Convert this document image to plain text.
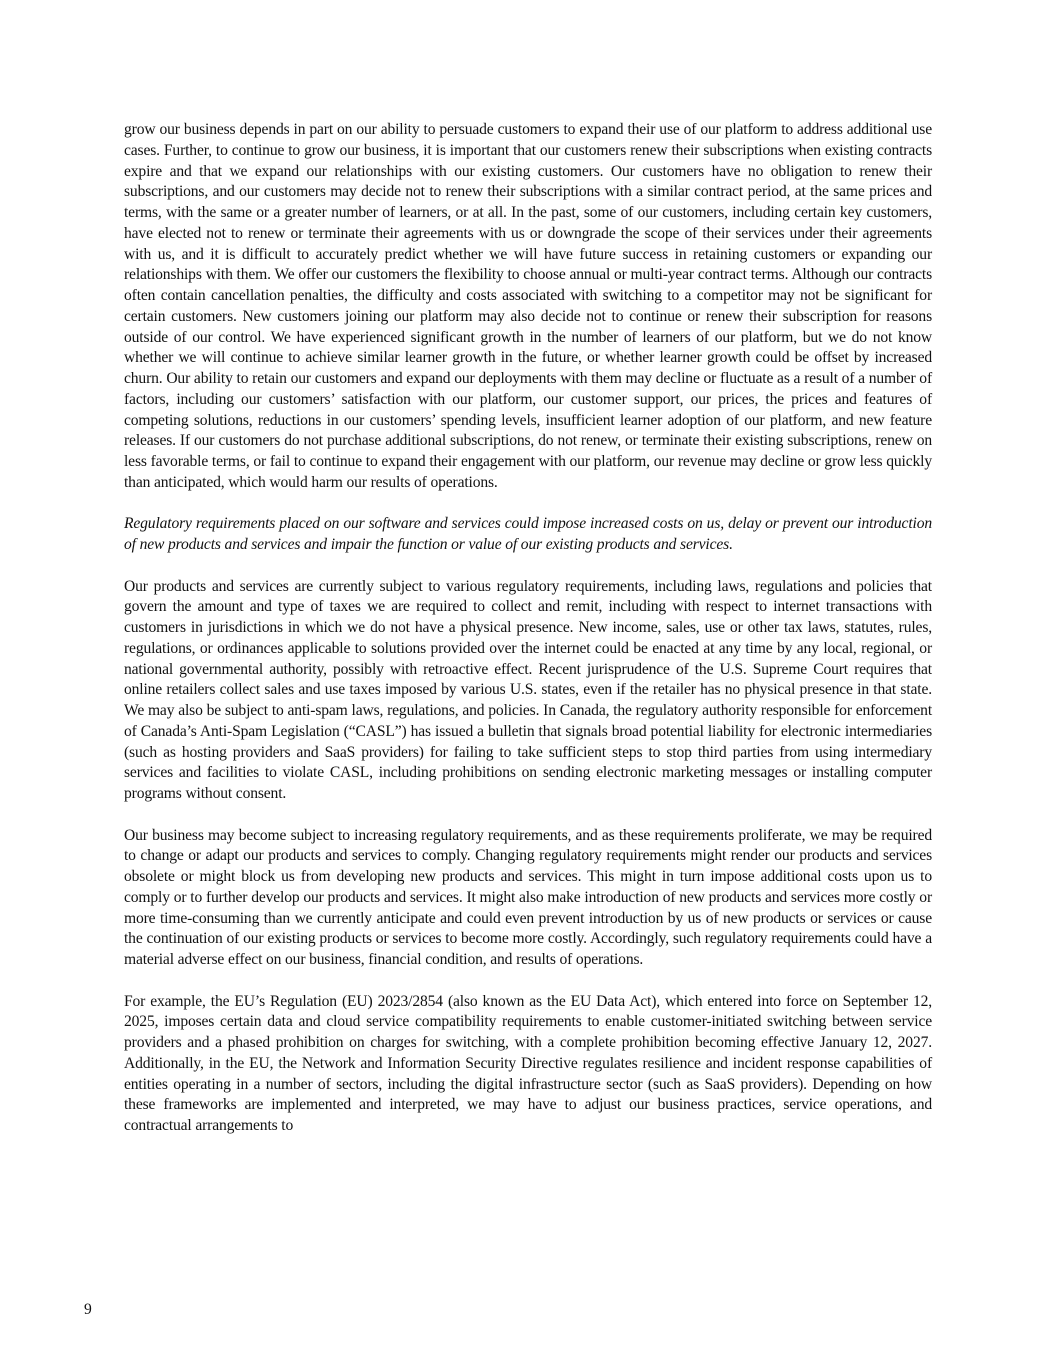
grow our business depends in part on our ability to persuade customers to expand their use of our platform to address additional use cases. Further, to continue to grow our business, it is important that our customers renew their subscriptions when existing contracts expire and that we expand our relationships with our existing customers. Our customers have no obligation to renew their subscriptions, and our customers may decide not to renew their subscriptions with a similar contract period, at the same prices and terms, with the same or a greater number of learners, or at all. In the past, some of our customers, including certain key customers, have elected not to renew or terminate their agreements with us or downgrade the scope of their services under their agreements with us, and it is difficult to accurately predict whether we will have future success in retaining customers or expanding our relationships with them. We offer our customers the flexibility to choose annual or multi-year contract terms. Although our contracts often contain cancellation penalties, the difficulty and costs associated with switching to a competitor may not be significant for certain customers. New customers joining our platform may also decide not to continue or renew their subscription for reasons outside of our control. We have experienced significant growth in the number of learners of our platform, but we do not know whether we will continue to achieve similar learner growth in the future, or whether learner growth could be offset by increased churn. Our ability to retain our customers and expand our deployments with them may decline or fluctuate as a result of a number of factors, including our customers’ satisfaction with our platform, our customer support, our prices, the prices and features of competing solutions, reductions in our customers’ spending levels, insufficient learner adoption of our platform, and new feature releases. If our customers do not purchase additional subscriptions, do not renew, or terminate their existing subscriptions, renew on less favorable terms, or fail to continue to expand their engagement with our platform, our revenue may decline or grow less quickly than anticipated, which would harm our results of operations.

Regulatory requirements placed on our software and services could impose increased costs on us, delay or prevent our introduction of new products and services and impair the function or value of our existing products and services.

Our products and services are currently subject to various regulatory requirements, including laws, regulations and policies that govern the amount and type of taxes we are required to collect and remit, including with respect to internet transactions with customers in jurisdictions in which we do not have a physical presence. New income, sales, use or other tax laws, statutes, rules, regulations, or ordinances applicable to solutions provided over the internet could be enacted at any time by any local, regional, or national governmental authority, possibly with retroactive effect. Recent jurisprudence of the U.S. Supreme Court requires that online retailers collect sales and use taxes imposed by various U.S. states, even if the retailer has no physical presence in that state. We may also be subject to anti-spam laws, regulations, and policies. In Canada, the regulatory authority responsible for enforcement of Canada’s Anti-Spam Legislation (“CASL”) has issued a bulletin that signals broad potential liability for electronic intermediaries (such as hosting providers and SaaS providers) for failing to take sufficient steps to stop third parties from using intermediary services and facilities to violate CASL, including prohibitions on sending electronic marketing messages or installing computer programs without consent.

Our business may become subject to increasing regulatory requirements, and as these requirements proliferate, we may be required to change or adapt our products and services to comply. Changing regulatory requirements might render our products and services obsolete or might block us from developing new products and services. This might in turn impose additional costs upon us to comply or to further develop our products and services. It might also make introduction of new products and services more costly or more time-consuming than we currently anticipate and could even prevent introduction by us of new products or services or cause the continuation of our existing products or services to become more costly. Accordingly, such regulatory requirements could have a material adverse effect on our business, financial condition, and results of operations.

For example, the EU’s Regulation (EU) 2023/2854 (also known as the EU Data Act), which entered into force on September 12, 2025, imposes certain data and cloud service compatibility requirements to enable customer-initiated switching between service providers and a phased prohibition on charges for switching, with a complete prohibition becoming effective January 12, 2027. Additionally, in the EU, the Network and Information Security Directive regulates resilience and incident response capabilities of entities operating in a number of sectors, including the digital infrastructure sector (such as SaaS providers). Depending on how these frameworks are implemented and interpreted, we may have to adjust our business practices, service operations, and contractual arrangements to

9
